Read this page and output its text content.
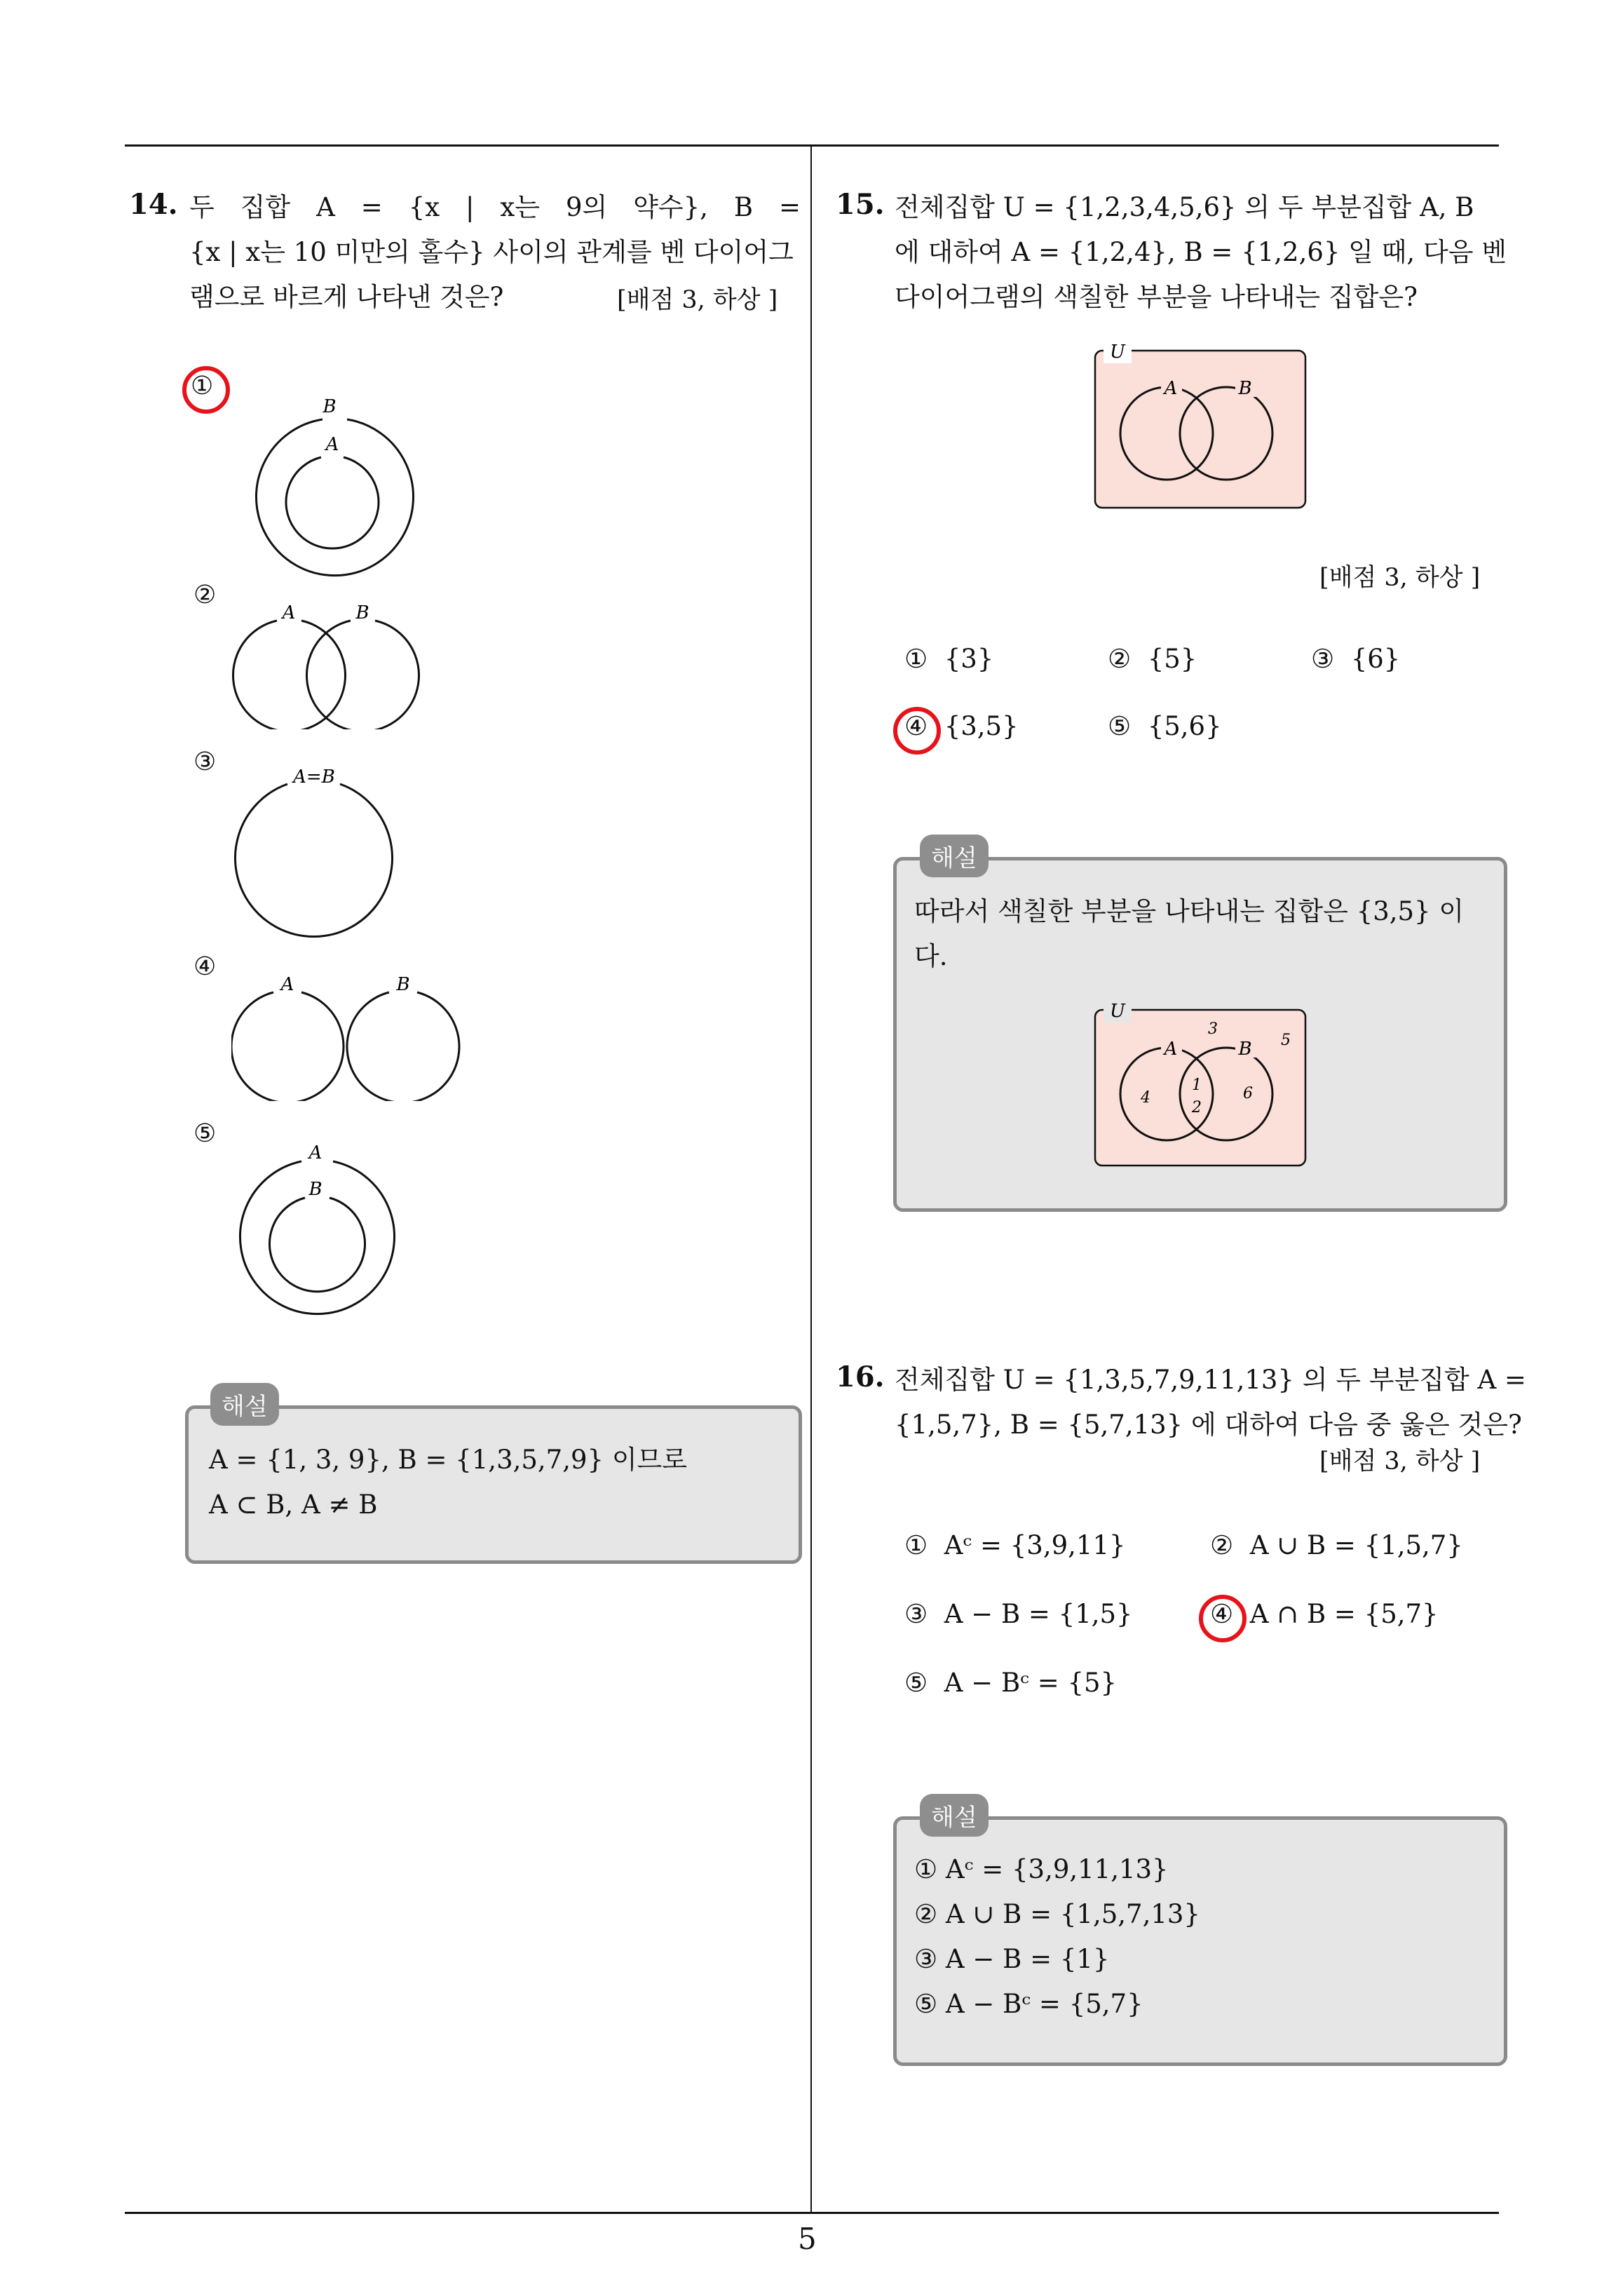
5
14. 두 집합 A = {x | x는 9의 약수}, B =
{x | x는 10 미만의 홀수} 사이의 관계를 벤 다이어그
램으로 바르게 나타낸 것은?	[배점 3, 하상 ]
①
B
A
②
A	B
③
A=B
④
A	B
⑤
A
B
해설
A = {1, 3, 9}, B = {1,3,5,7,9} 이므로
A ⊂ B, A ≠ B
15. 전체집합 U = {1,2,3,4,5,6} 의 두 부분집합 A, B
에 대하여 A = {1,2,4}, B = {1,2,6} 일 때, 다음 벤
다이어그램의 색칠한 부분을 나타내는 집합은?
U
A	B
[배점 3, 하상 ]
① {3}	② {5}	③ {6}
④ {3,5}	⑤ {5,6}
해설
따라서 색칠한 부분을 나타내는 집합은 {3,5} 이
다.
U
A	B
3
5
4
1
2
6
16. 전체집합 U = {1,3,5,7,9,11,13} 의 두 부분집합 A =
{1,5,7}, B = {5,7,13} 에 대하여 다음 중 옳은 것은?
[배점 3, 하상 ]
① Aᶜ = {3,9,11}	② A ∪ B = {1,5,7}
③ A − B = {1,5}	④ A ∩ B = {5,7}
⑤ A − Bᶜ = {5}
해설
① Aᶜ = {3,9,11,13}
② A ∪ B = {1,5,7,13}
③ A − B = {1}
⑤ A − Bᶜ = {5,7}
